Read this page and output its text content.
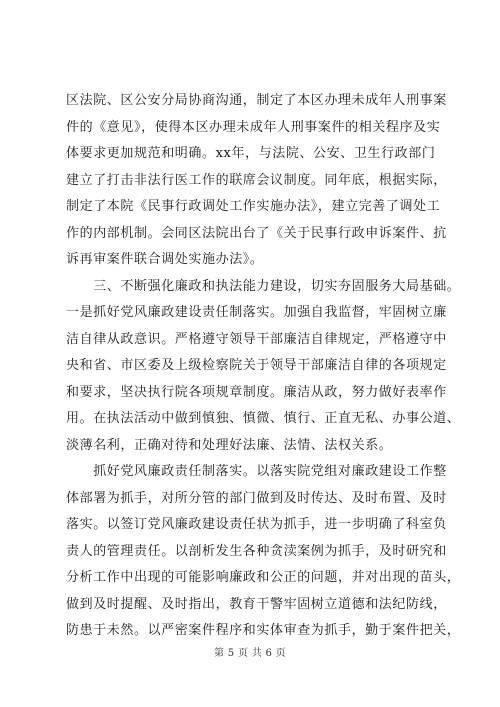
区法院、区公安分局协商沟通，制定了本区办理未成年人刑事案
件的《意见》，使得本区办理未成年人刑事案件的相关程序及实
体要求更加规范和明确。xx年，与法院、公安、卫生行政部门
建立了打击非法行医工作的联席会议制度。同年底，根据实际，
制定了本院《民事行政调处工作实施办法》，建立完善了调处工
作的内部机制。会同区法院出台了《关于民事行政申诉案件、抗
诉再审案件联合调处实施办法》。
　　三、不断强化廉政和执法能力建设，切实夯固服务大局基础。
一是抓好党风廉政建设责任制落实。加强自我监督，牢固树立廉
洁自律从政意识。严格遵守领导干部廉洁自律规定，严格遵守中
央和省、市区委及上级检察院关于领导干部廉洁自律的各项规定
和要求，坚决执行院各项规章制度。廉洁从政，努力做好表率作
用。在执法活动中做到慎独、慎微、慎行、正直无私、办事公道、
淡薄名利，正确对待和处理好法廉、法情、法权关系。
　　抓好党风廉政责任制落实。以落实院党组对廉政建设工作整
体部署为抓手，对所分管的部门做到及时传达、及时布置、及时
落实。以签订党风廉政建设责任状为抓手，进一步明确了科室负
责人的管理责任。以剖析发生各种贪渎案例为抓手，及时研究和
分析工作中出现的可能影响廉政和公正的问题，并对出现的苗头，
做到及时提醒、及时指出，教育干警牢固树立道德和法纪防线，
防患于未然。以严密案件程序和实体审查为抓手，勤于案件把关，
第 5 页 共 6 页
